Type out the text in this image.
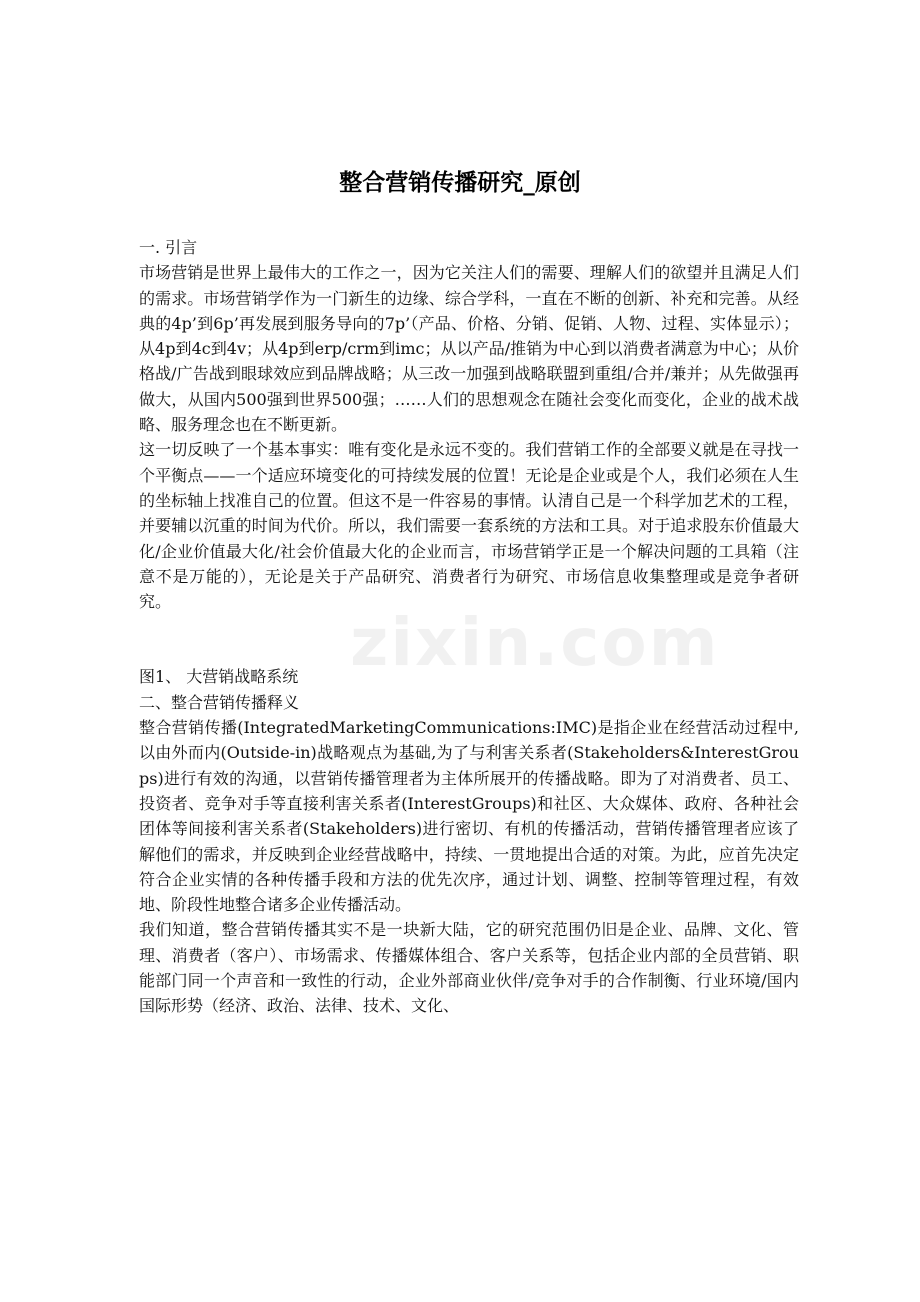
整合营销传播研究_原创
zixin.com

一. 引言

市场营销是世界上最伟大的工作之一，因为它关注人们的需要、理解人们的欲望并且满足人们的需求。市场营销学作为一门新生的边缘、综合学科，一直在不断的创新、补充和完善。从经典的4p’到6p’再发展到服务导向的7p’（产品、价格、分销、促销、人物、过程、实体显示）；从4p到4c到4v；从4p到erp/crm到imc；从以产品/推销为中心到以消费者满意为中心；从价格战/广告战到眼球效应到品牌战略；从三改一加强到战略联盟到重组/合并/兼并；从先做强再做大，从国内500强到世界500强；……人们的思想观念在随社会变化而变化，企业的战术战略、服务理念也在不断更新。

这一切反映了一个基本事实：唯有变化是永远不变的。我们营销工作的全部要义就是在寻找一个平衡点——一个适应环境变化的可持续发展的位置！无论是企业或是个人，我们必须在人生的坐标轴上找准自己的位置。但这不是一件容易的事情。认清自己是一个科学加艺术的工程，并要辅以沉重的时间为代价。所以，我们需要一套系统的方法和工具。对于追求股东价值最大化/企业价值最大化/社会价值最大化的企业而言，市场营销学正是一个解决问题的工具箱（注意不是万能的），无论是关于产品研究、消费者行为研究、市场信息收集整理或是竞争者研究。

图1、 大营销战略系统

二、整合营销传播释义

整合营销传播(IntegratedMarketingCommunications:IMC)是指企业在经营活动过程中,以由外而内(Outside-in)战略观点为基础,为了与利害关系者(Stakeholders&InterestGroups)进行有效的沟通，以营销传播管理者为主体所展开的传播战略。即为了对消费者、员工、投资者、竞争对手等直接利害关系者(InterestGroups)和社区、大众媒体、政府、各种社会团体等间接利害关系者(Stakeholders)进行密切、有机的传播活动，营销传播管理者应该了解他们的需求，并反映到企业经营战略中，持续、一贯地提出合适的对策。为此，应首先决定符合企业实情的各种传播手段和方法的优先次序，通过计划、调整、控制等管理过程，有效地、阶段性地整合诸多企业传播活动。

我们知道，整合营销传播其实不是一块新大陆，它的研究范围仍旧是企业、品牌、文化、管理、消费者（客户）、市场需求、传播媒体组合、客户关系等，包括企业内部的全员营销、职能部门同一个声音和一致性的行动，企业外部商业伙伴/竞争对手的合作制衡、行业环境/国内国际形势（经济、政治、法律、技术、文化、
